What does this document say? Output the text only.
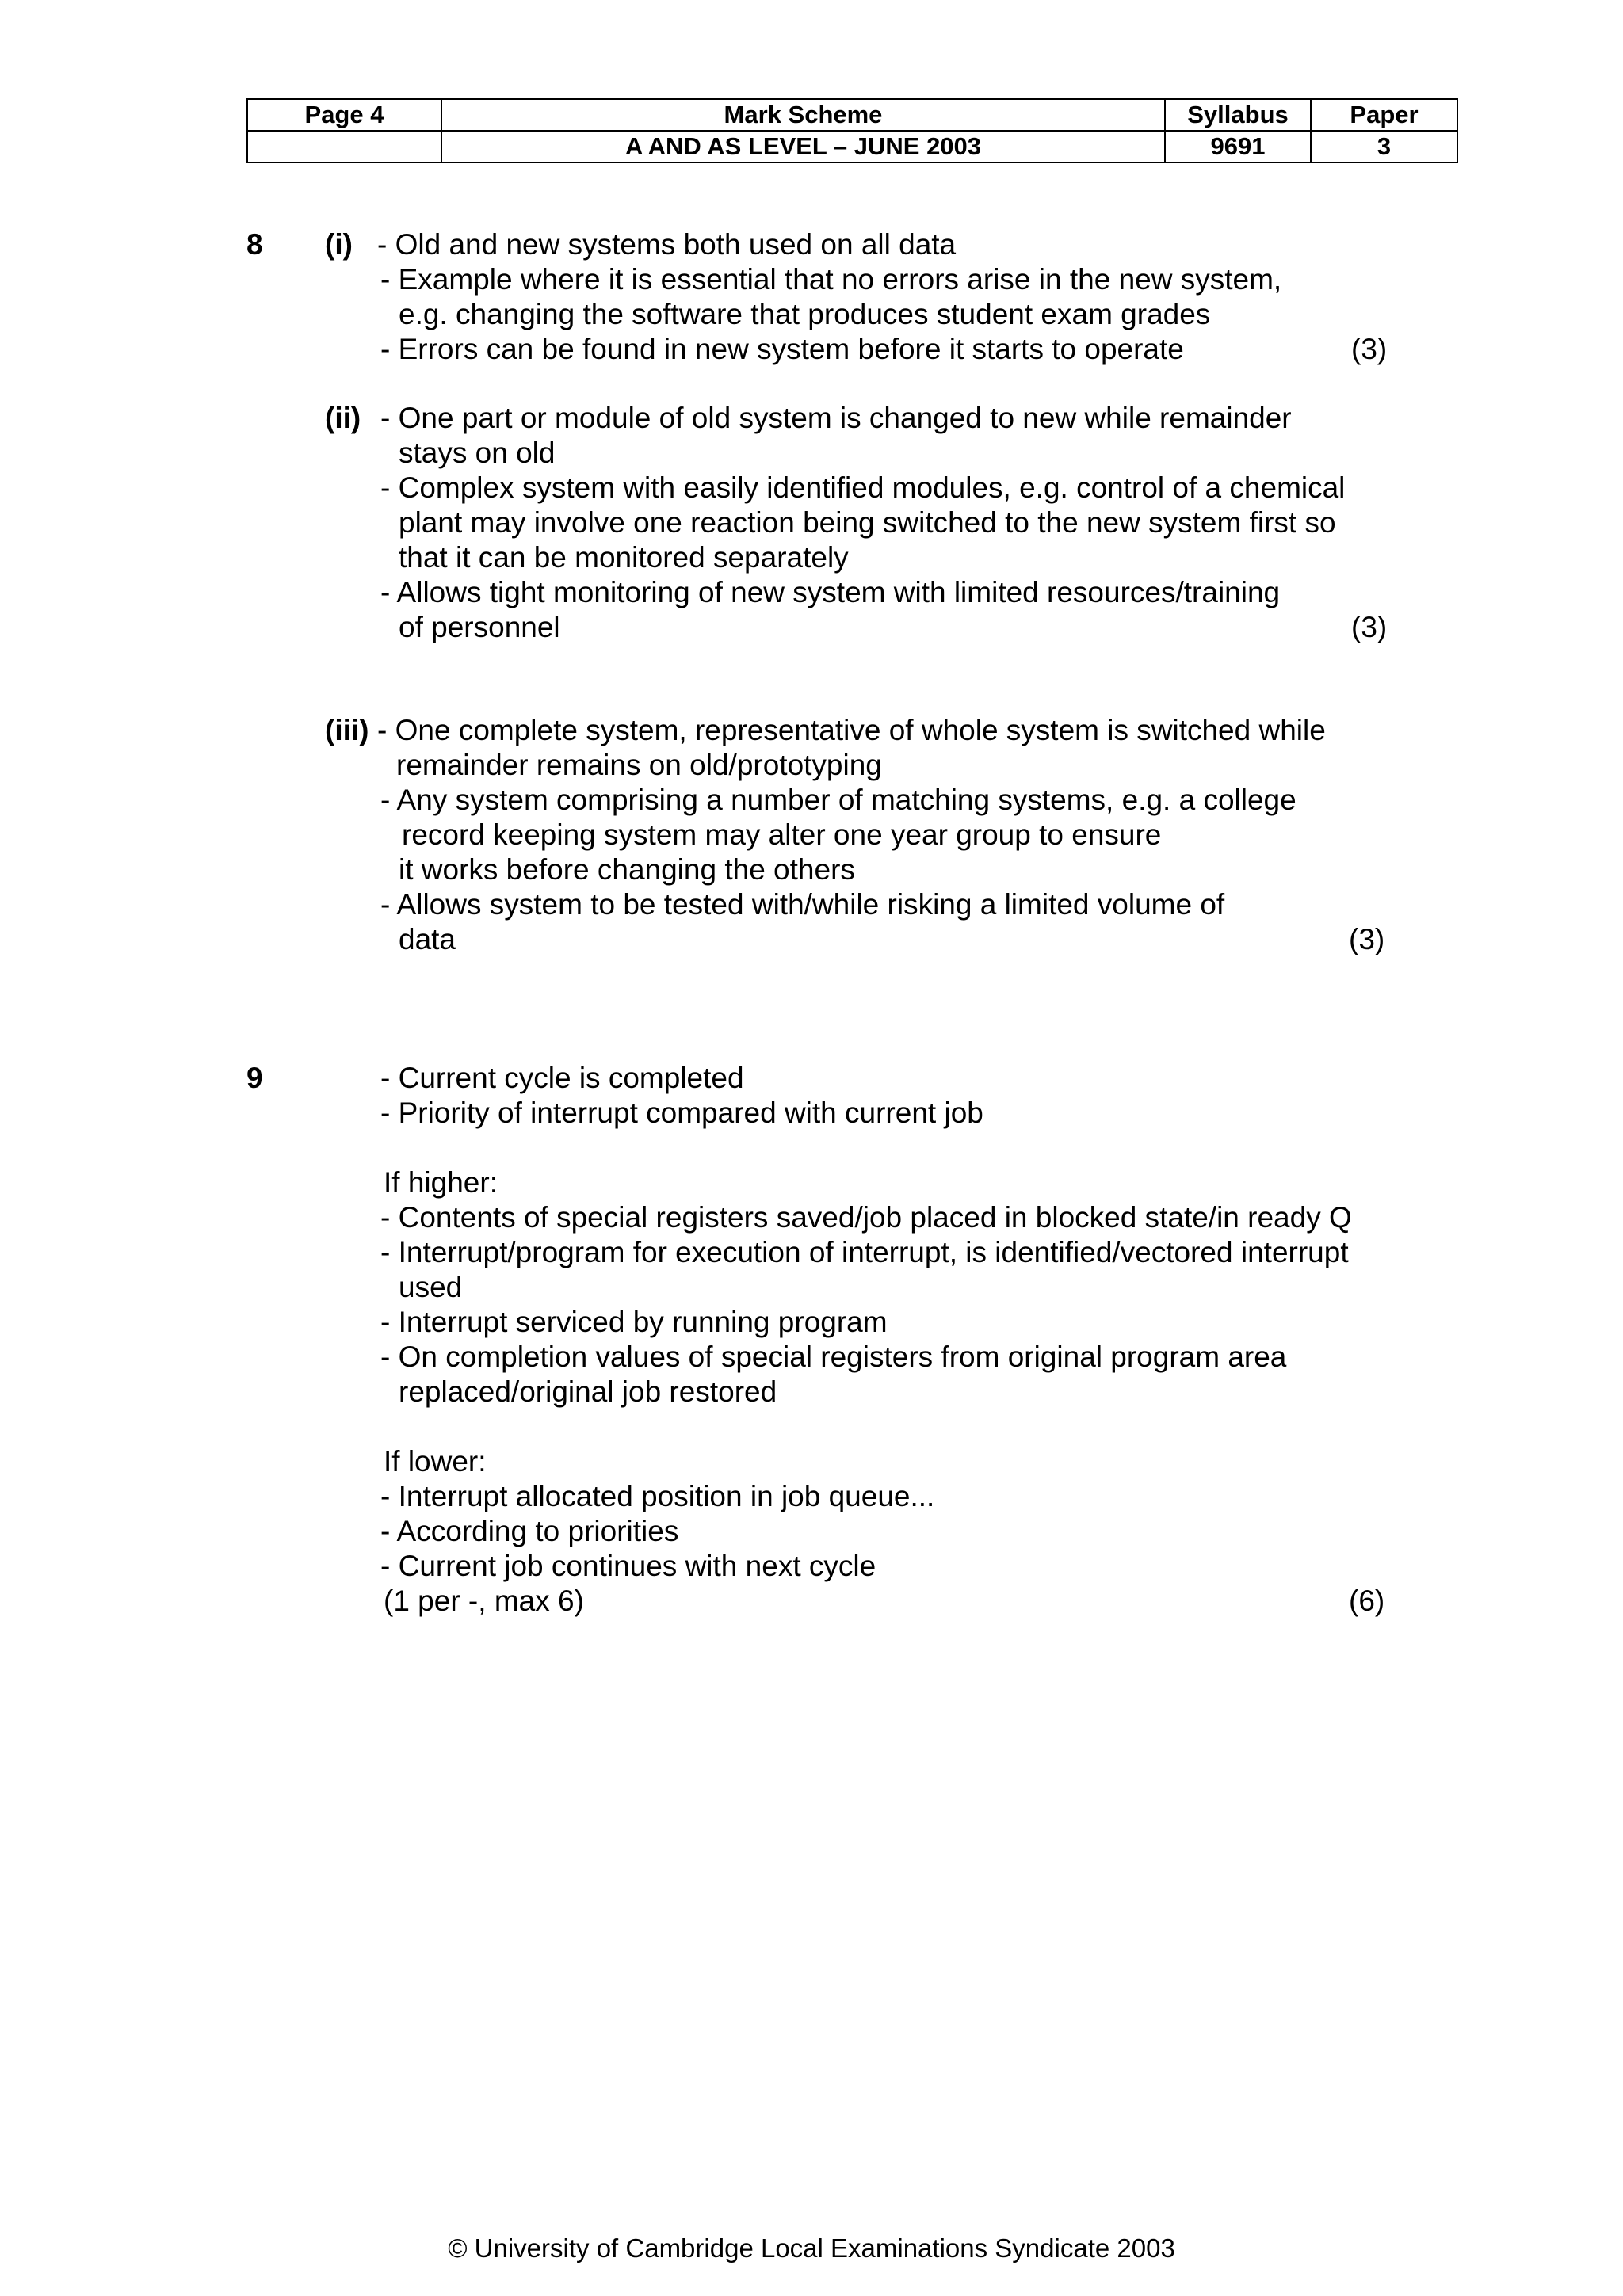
Page 4	Mark Scheme	Syllabus	Paper
	A AND AS LEVEL – JUNE 2003	9691	3
8 (i) - Old and new systems both used on all data
- Example where it is essential that no errors arise in the new system,
e.g. changing the software that produces student exam grades
- Errors can be found in new system before it starts to operate	(3)
(ii) - One part or module of old system is changed to new while remainder
stays on old
- Complex system with easily identified modules, e.g. control of a chemical
plant may involve one reaction being switched to the new system first so
that it can be monitored separately
- Allows tight monitoring of new system with limited resources/training
of personnel	(3)
(iii) - One complete system, representative of whole system is switched while
remainder remains on old/prototyping
- Any system comprising a number of matching systems, e.g. a college
record keeping system may alter one year group to ensure
it works before changing the others
- Allows system to be tested with/while risking a limited volume of
data	(3)
9	- Current cycle is completed
- Priority of interrupt compared with current job
If higher:
- Contents of special registers saved/job placed in blocked state/in ready Q
- Interrupt/program for execution of interrupt, is identified/vectored interrupt
used
- Interrupt serviced by running program
- On completion values of special registers from original program area
replaced/original job restored
If lower:
- Interrupt allocated position in job queue...
- According to priorities
- Current job continues with next cycle
(1 per -, max 6)	(6)
© University of Cambridge Local Examinations Syndicate 2003
